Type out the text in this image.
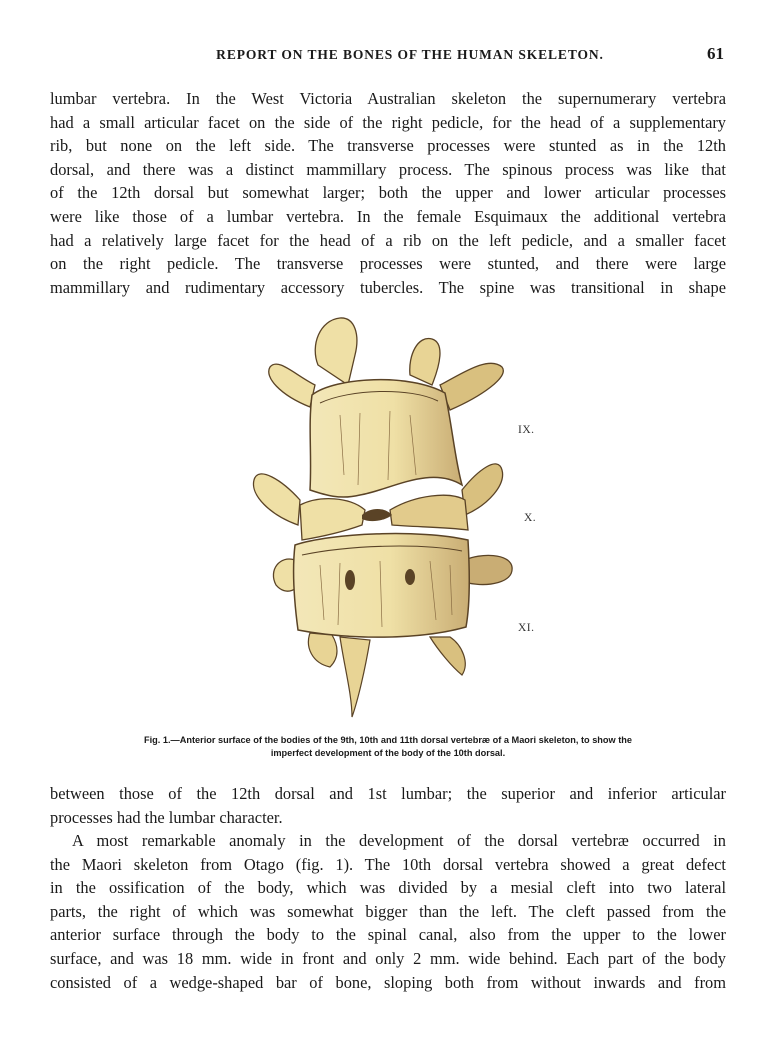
REPORT ON THE BONES OF THE HUMAN SKELETON.	61
lumbar vertebra. In the West Victoria Australian skeleton the supernumerary vertebra
had a small articular facet on the side of the right pedicle, for the head of a supplementary
rib, but none on the left side. The transverse processes were stunted as in the 12th
dorsal, and there was a distinct mammillary process. The spinous process was like that
of the 12th dorsal but somewhat larger; both the upper and lower articular processes
were like those of a lumbar vertebra. In the female Esquimaux the additional vertebra
had a relatively large facet for the head of a rib on the left pedicle, and a smaller facet
on the right pedicle. The transverse processes were stunted, and there were large
mammillary and rudimentary accessory tubercles. The spine was transitional in shape
IX.
X.
XI.
Fig. 1.—Anterior surface of the bodies of the 9th, 10th and 11th dorsal vertebræ of a Maori skeleton, to show the
imperfect development of the body of the 10th dorsal.
between those of the 12th dorsal and 1st lumbar; the superior and inferior articular
processes had the lumbar character.
A most remarkable anomaly in the development of the dorsal vertebræ occurred in
the Maori skeleton from Otago (fig. 1). The 10th dorsal vertebra showed a great defect
in the ossification of the body, which was divided by a mesial cleft into two lateral
parts, the right of which was somewhat bigger than the left. The cleft passed from the
anterior surface through the body to the spinal canal, also from the upper to the lower
surface, and was 18 mm. wide in front and only 2 mm. wide behind. Each part of the body
consisted of a wedge-shaped bar of bone, sloping both from without inwards and from
